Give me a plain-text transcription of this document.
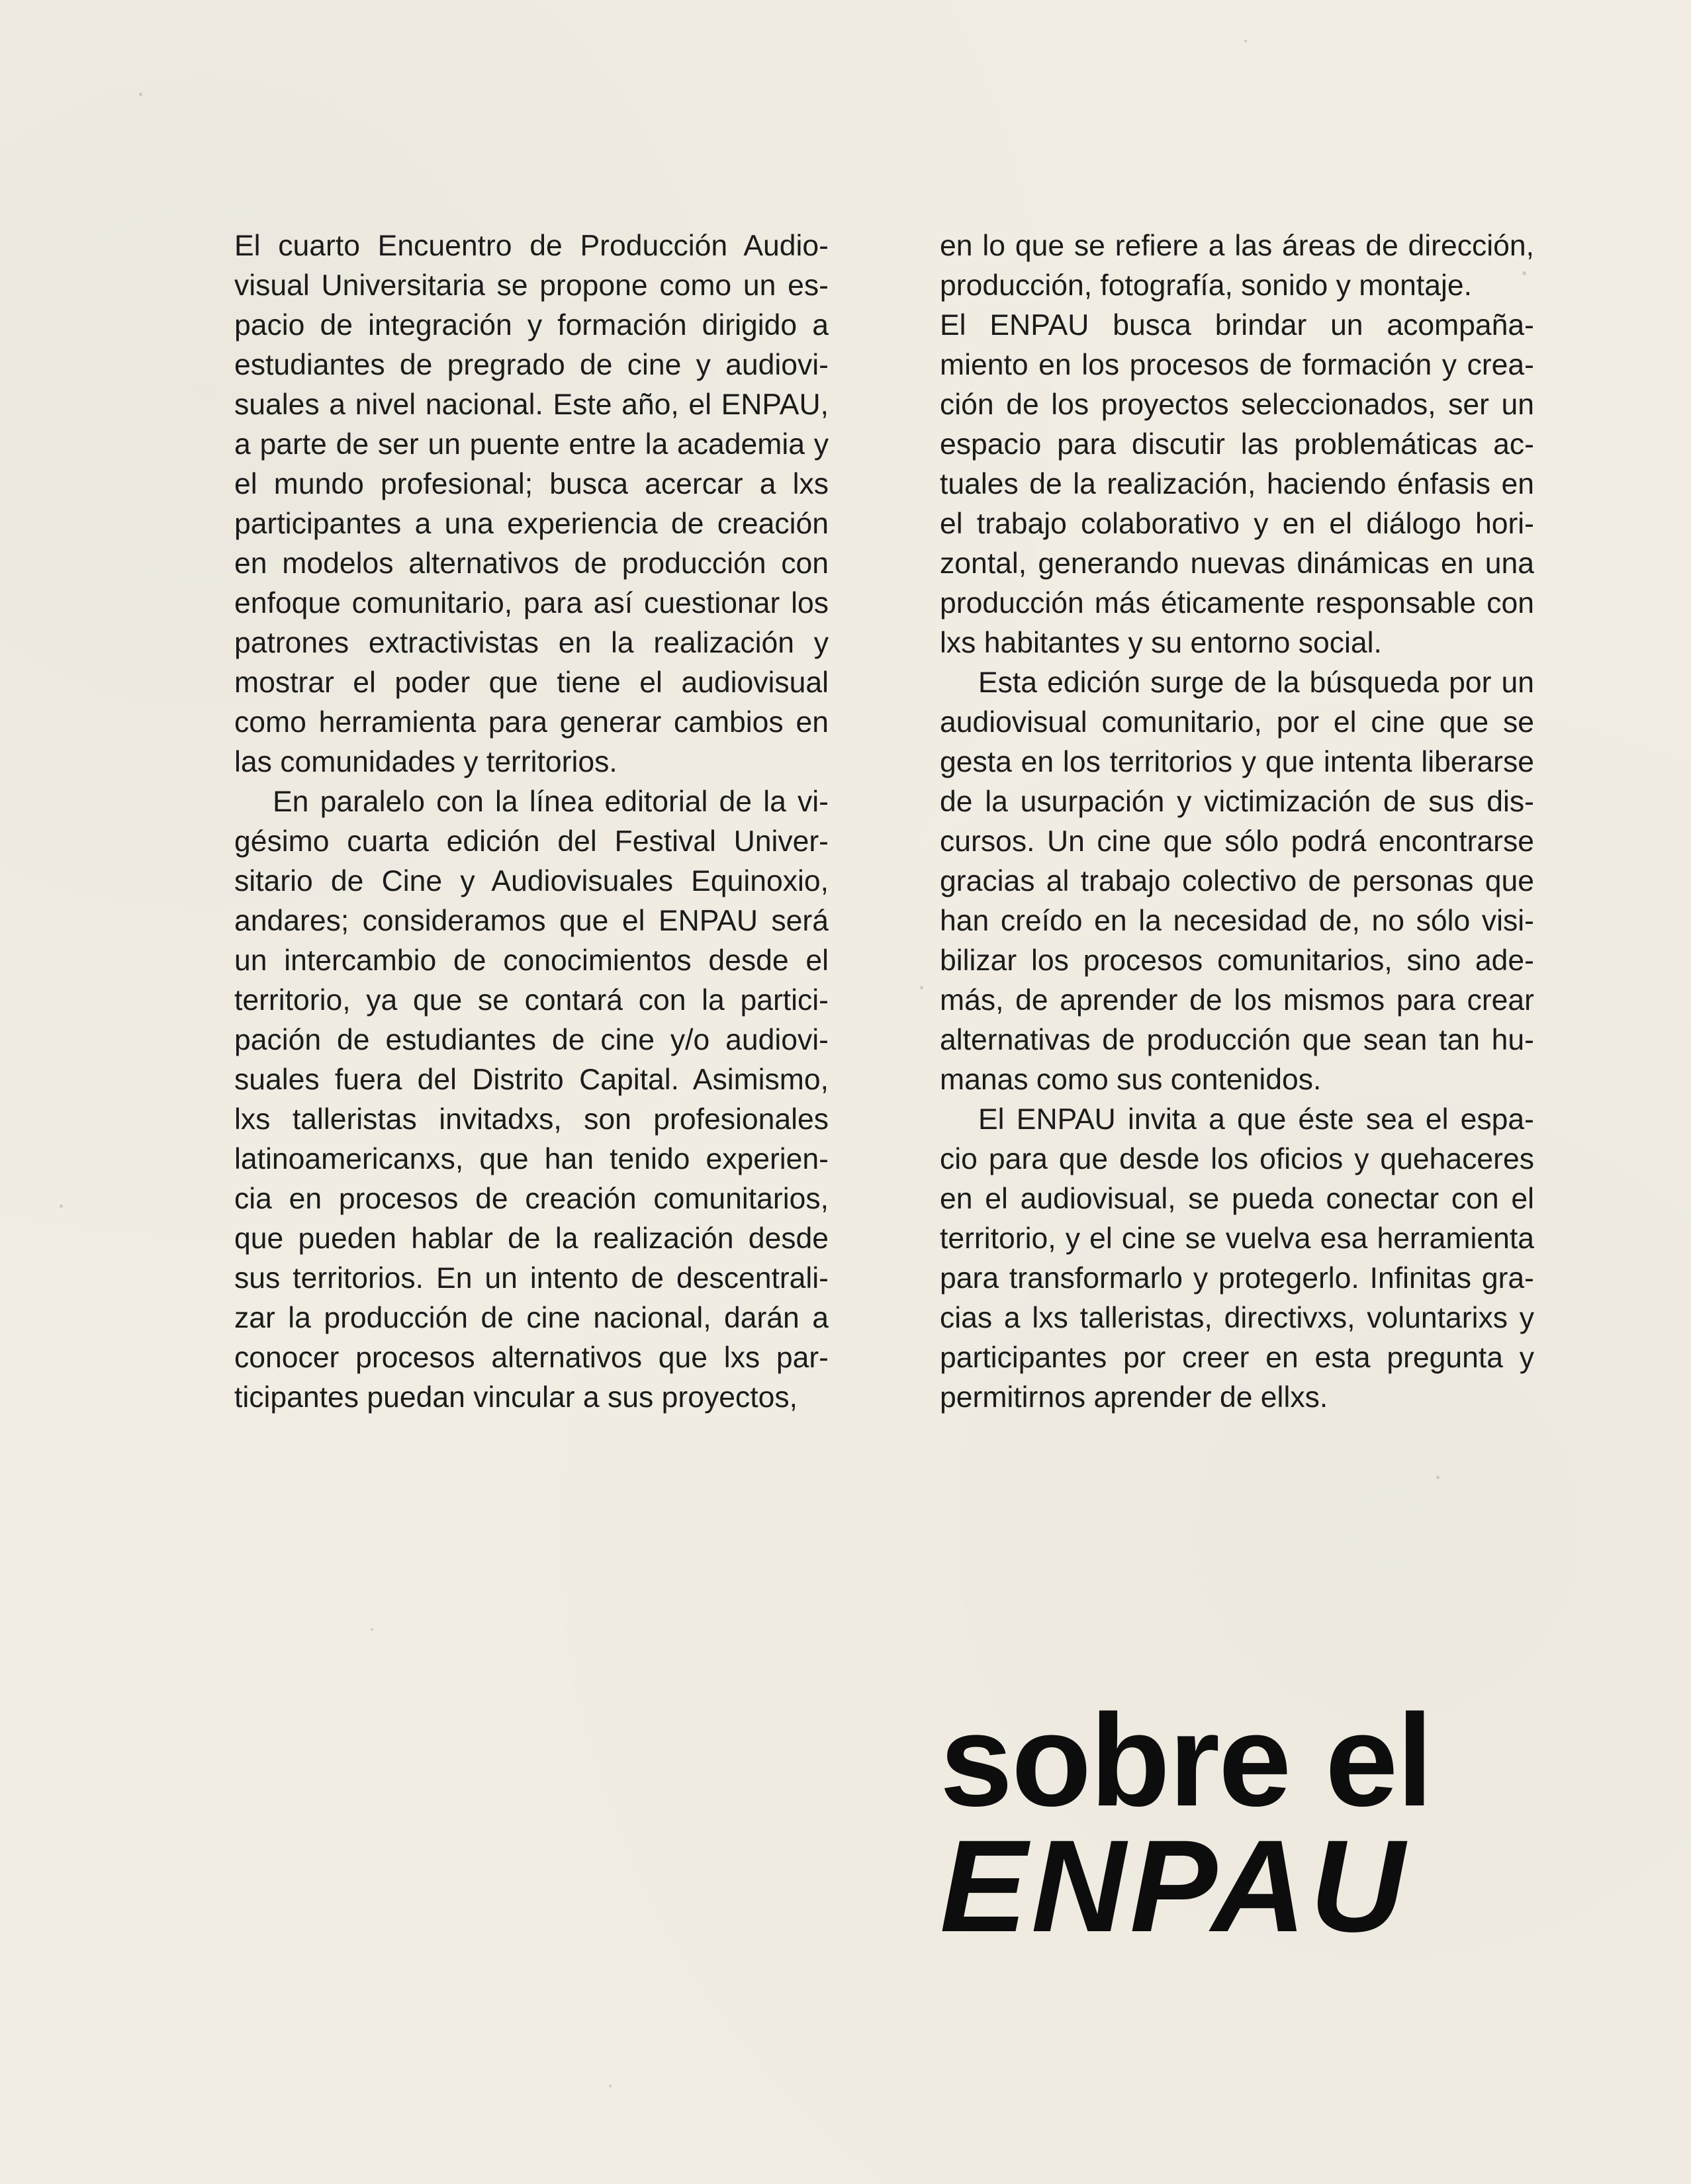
El cuarto Encuentro de Producción Audio-visual Universitaria se propone como un es-pacio de integración y formación dirigido a estudiantes de pregrado de cine y audiovi-suales a nivel nacional. Este año, el ENPAU, a parte de ser un puente entre la academia y el mundo profesional; busca acercar a lxs participantes a una experiencia de creación en modelos alternativos de producción con enfoque comunitario, para así cuestionar los patrones extractivistas en la realización y mostrar el poder que tiene el audiovisual como herramienta para generar cambios en las comunidades y territorios.

En paralelo con la línea editorial de la vi-gésimo cuarta edición del Festival Univer-sitario de Cine y Audiovisuales Equinoxio, andares; consideramos que el ENPAU será un intercambio de conocimientos desde el territorio, ya que se contará con la partici-pación de estudiantes de cine y/o audiovi-suales fuera del Distrito Capital. Asimismo, lxs talleristas invitadxs, son profesionales latinoamericanxs, que han tenido experien-cia en procesos de creación comunitarios, que pueden hablar de la realización desde sus territorios. En un intento de descentrali-zar la producción de cine nacional, darán a conocer procesos alternativos que lxs par-ticipantes puedan vincular a sus proyectos,

en lo que se refiere a las áreas de dirección, producción, fotografía, sonido y montaje.

El ENPAU busca brindar un acompaña-miento en los procesos de formación y crea-ción de los proyectos seleccionados, ser un espacio para discutir las problemáticas ac-tuales de la realización, haciendo énfasis en el trabajo colaborativo y en el diálogo hori-zontal, generando nuevas dinámicas en una producción más éticamente responsable con lxs habitantes y su entorno social.

Esta edición surge de la búsqueda por un audiovisual comunitario, por el cine que se gesta en los territorios y que intenta liberarse de la usurpación y victimización de sus dis-cursos. Un cine que sólo podrá encontrarse gracias al trabajo colectivo de personas que han creído en la necesidad de, no sólo visi-bilizar los procesos comunitarios, sino ade-más, de aprender de los mismos para crear alternativas de producción que sean tan hu-manas como sus contenidos.

El ENPAU invita a que éste sea el espa-cio para que desde los oficios y quehaceres en el audiovisual, se pueda conectar con el territorio, y el cine se vuelva esa herramienta para transformarlo y protegerlo. Infinitas gra-cias a lxs talleristas, directivxs, voluntarixs y participantes por creer en esta pregunta y permitirnos aprender de ellxs.

sobre el
ENPAU
